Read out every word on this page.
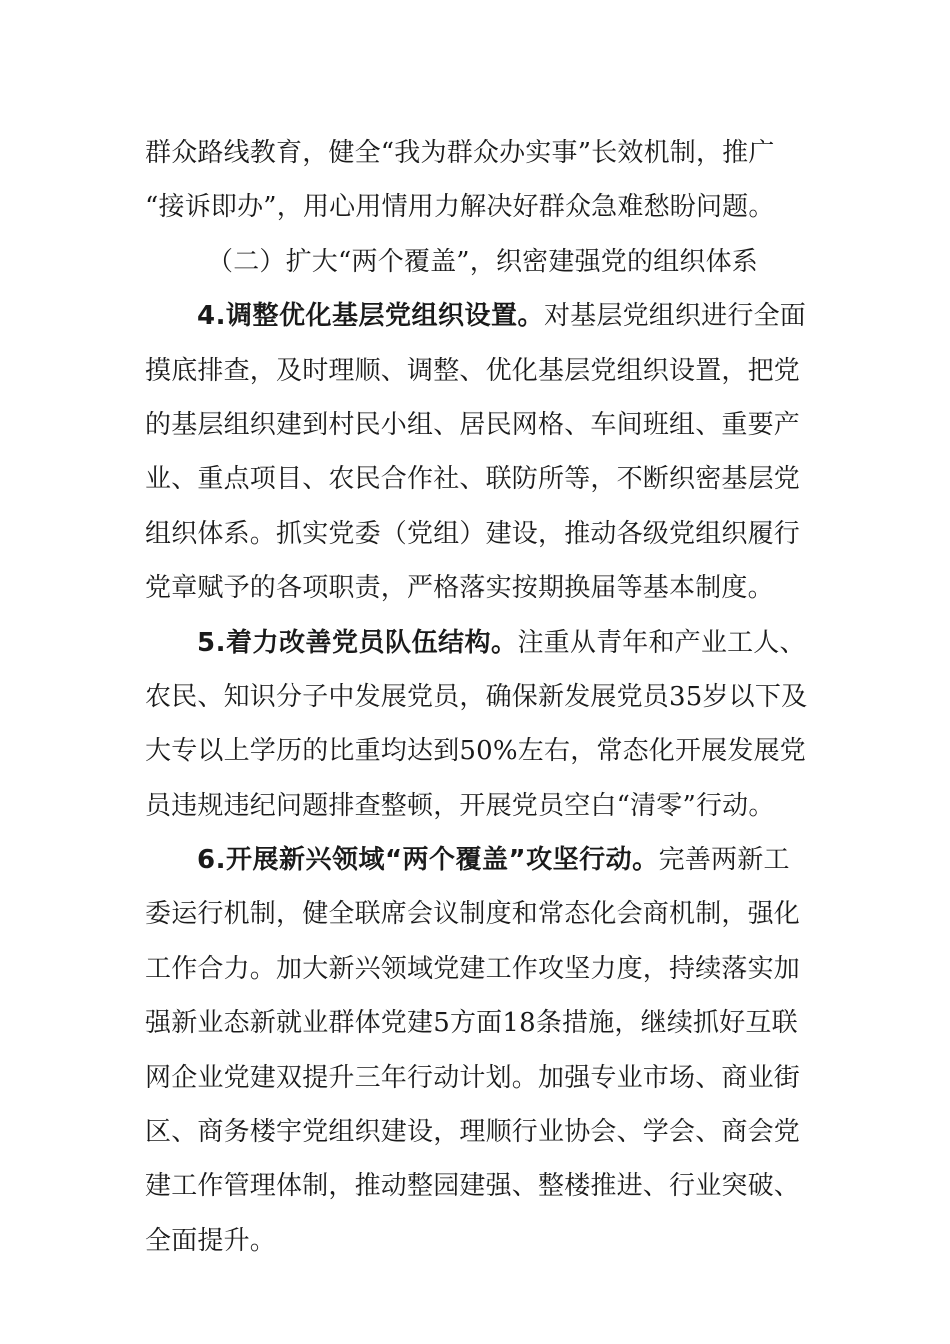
群众路线教育，健全“我为群众办实事”长效机制，推广
“接诉即办”，用心用情用力解决好群众急难愁盼问题。
（二）扩大“两个覆盖”，织密建强党的组织体系
4.调整优化基层党组织设置。对基层党组织进行全面
摸底排查，及时理顺、调整、优化基层党组织设置，把党
的基层组织建到村民小组、居民网格、车间班组、重要产
业、重点项目、农民合作社、联防所等，不断织密基层党
组织体系。抓实党委（党组）建设，推动各级党组织履行
党章赋予的各项职责，严格落实按期换届等基本制度。
5.着力改善党员队伍结构。注重从青年和产业工人、
农民、知识分子中发展党员，确保新发展党员35岁以下及
大专以上学历的比重均达到50%左右，常态化开展发展党
员违规违纪问题排查整顿，开展党员空白“清零”行动。
6.开展新兴领域“两个覆盖”攻坚行动。完善两新工
委运行机制，健全联席会议制度和常态化会商机制，强化
工作合力。加大新兴领域党建工作攻坚力度，持续落实加
强新业态新就业群体党建5方面18条措施，继续抓好互联
网企业党建双提升三年行动计划。加强专业市场、商业街
区、商务楼宇党组织建设，理顺行业协会、学会、商会党
建工作管理体制，推动整园建强、整楼推进、行业突破、
全面提升。
